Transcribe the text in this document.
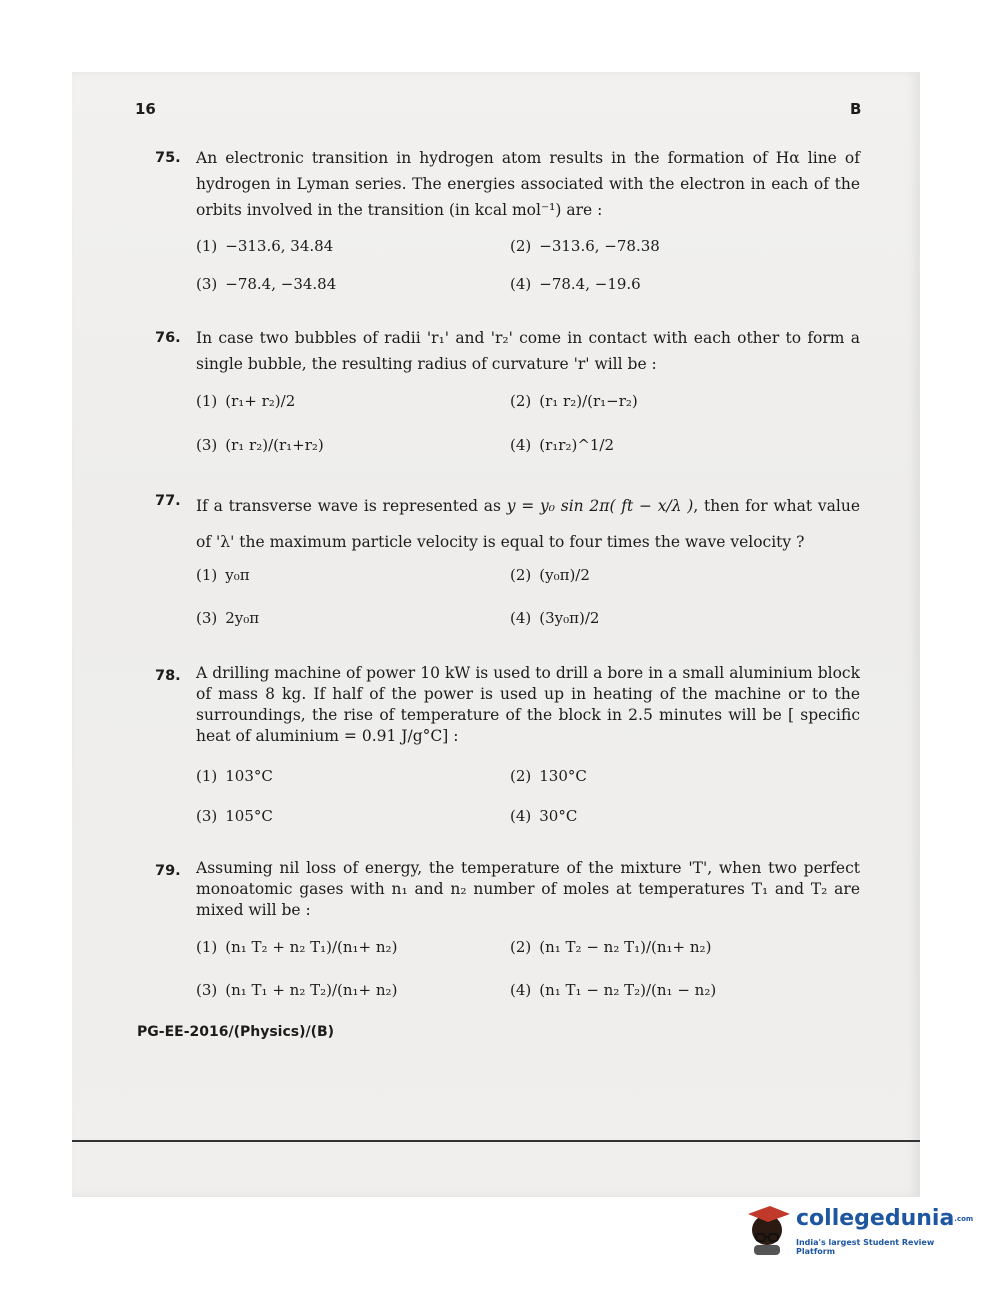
16	B
75. An electronic transition in hydrogen atom results in the formation of Hα line of hydrogen in Lyman series. The energies associated with the electron in each of the orbits involved in the transition (in kcal mol⁻¹) are :
(1) −313.6, 34.84	(2) −313.6, −78.38
(3) −78.4, −34.84	(4) −78.4, −19.6
76. In case two bubbles of radii 'r₁' and 'r₂' come in contact with each other to form a single bubble, the resulting radius of curvature 'r' will be :
(1) (r₁+ r₂)/2	(2) (r₁ r₂)/(r₁−r₂)
(3) (r₁ r₂)/(r₁+r₂)	(4) (r₁r₂)^1/2
77. If a transverse wave is represented as y = y₀ sin 2π( ft − x/λ ), then for what value of 'λ' the maximum particle velocity is equal to four times the wave velocity ?
(1) y₀π	(2) (y₀π)/2
(3) 2y₀π	(4) (3y₀π)/2
78. A drilling machine of power 10 kW is used to drill a bore in a small aluminium block of mass 8 kg. If half of the power is used up in heating of the machine or to the surroundings, the rise of temperature of the block in 2.5 minutes will be [ specific heat of aluminium = 0.91 J/g°C] :
(1) 103°C	(2) 130°C
(3) 105°C	(4) 30°C
79. Assuming nil loss of energy, the temperature of the mixture 'T', when two perfect monoatomic gases with n₁ and n₂ number of moles at temperatures T₁ and T₂ are mixed will be :
(1) (n₁ T₂ + n₂ T₁)/(n₁+ n₂)	(2) (n₁ T₂ − n₂ T₁)/(n₁+ n₂)
(3) (n₁ T₁ + n₂ T₂)/(n₁+ n₂)	(4) (n₁ T₁ − n₂ T₂)/(n₁ − n₂)
PG-EE-2016/(Physics)/(B)
collegedunia.com
India's largest Student Review Platform
